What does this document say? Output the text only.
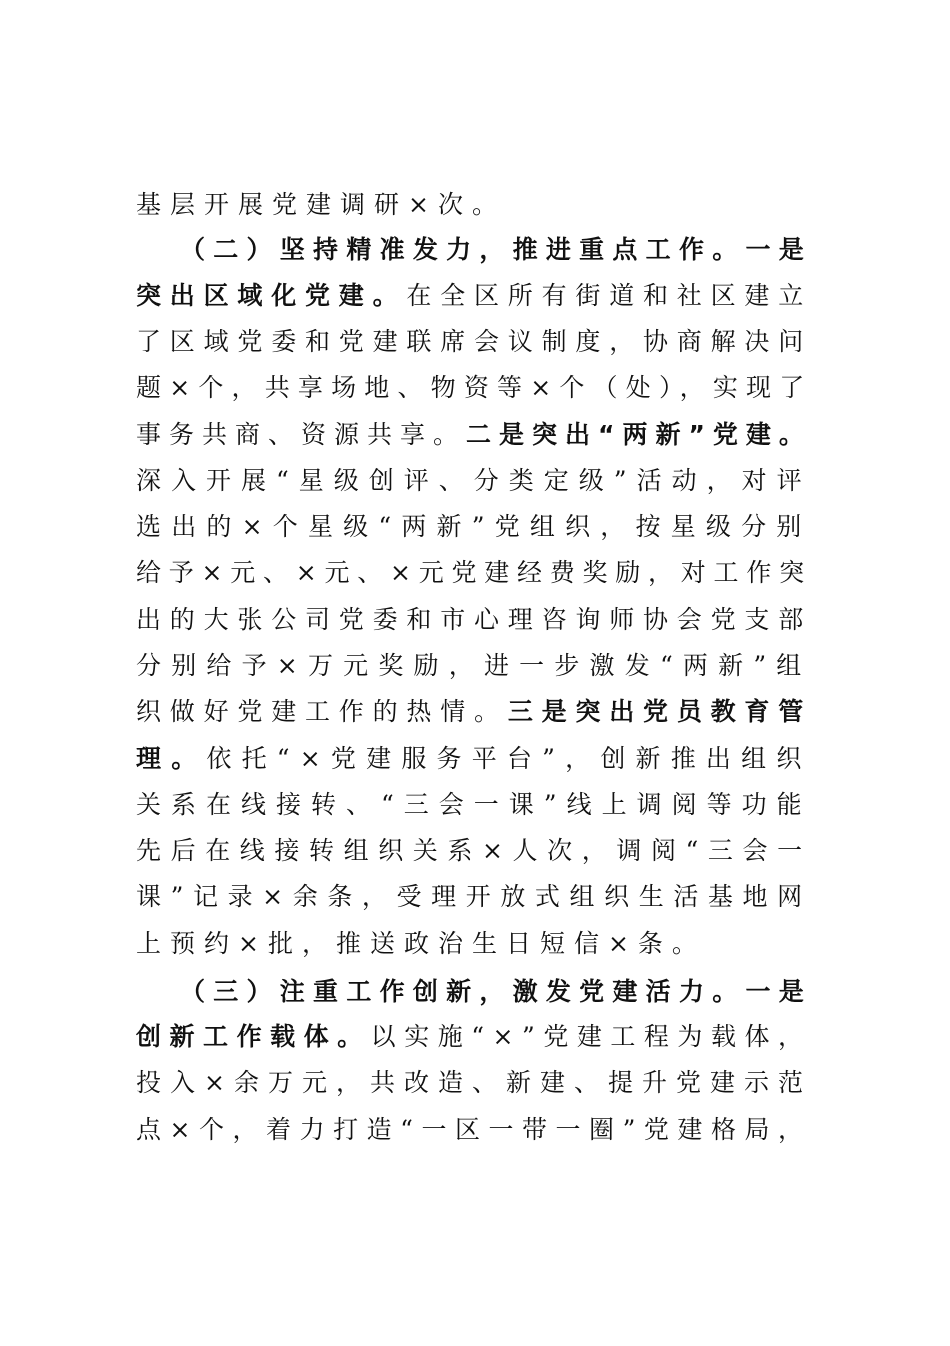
基层开展党建调研×次。
（二）坚持精准发力，推进重点工作。一是
突出区域化党建。在全区所有街道和社区建立
了区域党委和党建联席会议制度，协商解决问
题×个，共享场地、物资等×个（处），实现了
事务共商、资源共享。二是突出“两新”党建。
深入开展“星级创评、分类定级”活动，对评
选出的×个星级“两新”党组织，按星级分别
给予×元、×元、×元党建经费奖励，对工作突
出的大张公司党委和市心理咨询师协会党支部
分别给予×万元奖励，进一步激发“两新”组
织做好党建工作的热情。三是突出党员教育管
理。依托“×党建服务平台”，创新推出组织
关系在线接转、“三会一课”线上调阅等功能
先后在线接转组织关系×人次，调阅“三会一
课”记录×余条，受理开放式组织生活基地网
上预约×批，推送政治生日短信×条。
（三）注重工作创新，激发党建活力。一是
创新工作载体。以实施“×”党建工程为载体，
投入×余万元，共改造、新建、提升党建示范
点×个，着力打造“一区一带一圈”党建格局，
